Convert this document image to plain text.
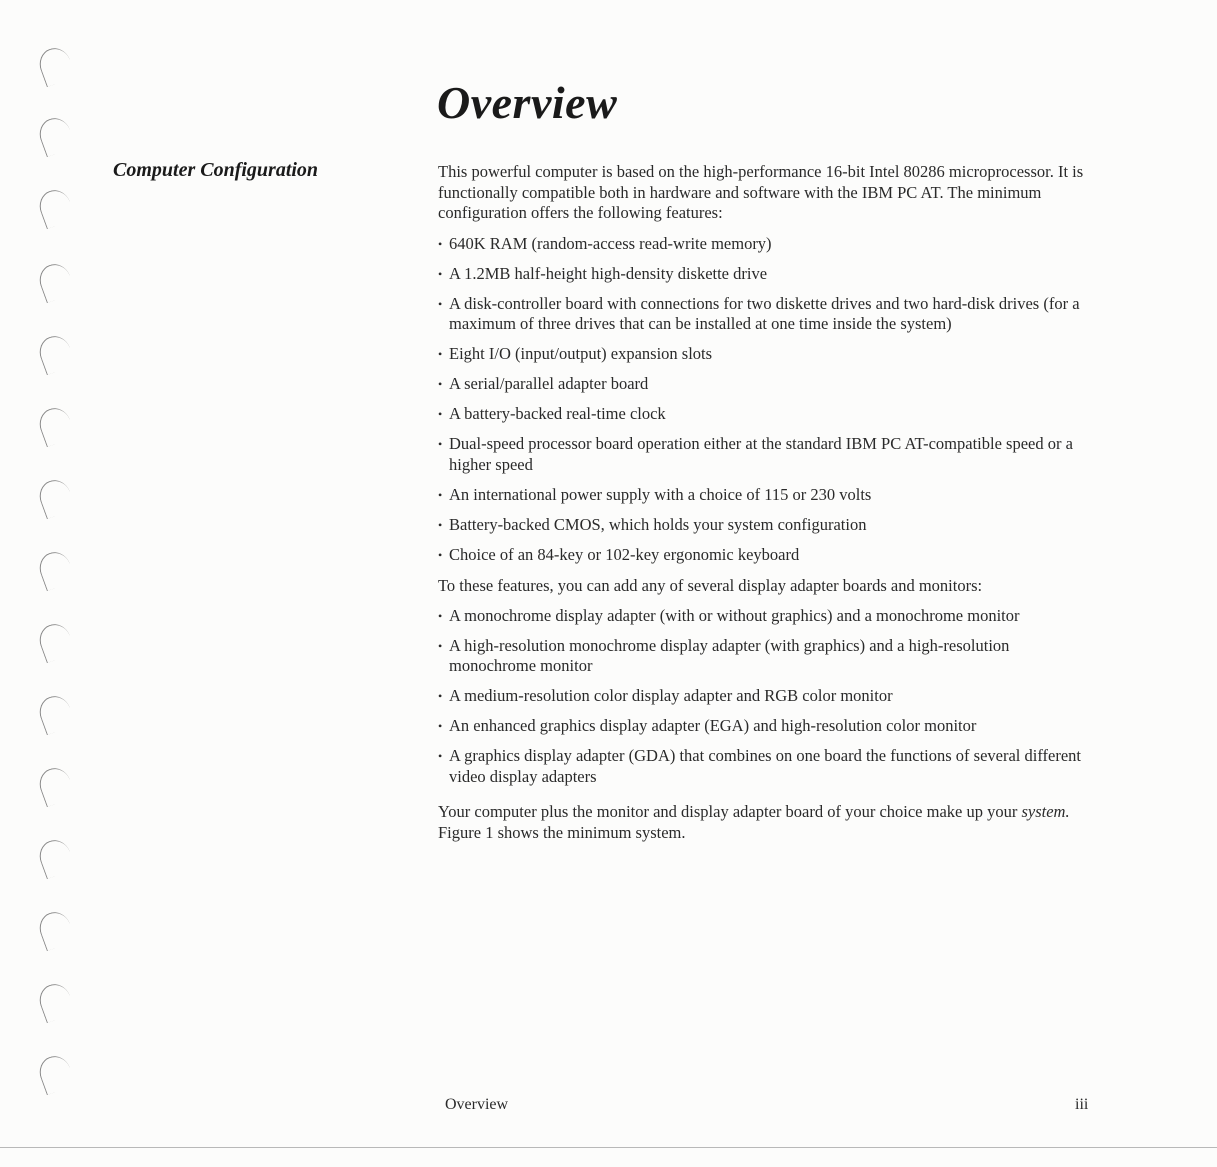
Overview
Computer Configuration	This powerful computer is based on the high-performance 16-bit Intel 80286 microprocessor. It is functionally compatible both in hardware and software with the IBM PC AT. The minimum configuration offers the following features:

• 640K RAM (random-access read-write memory)
• A 1.2MB half-height high-density diskette drive
• A disk-controller board with connections for two diskette drives and two hard-disk drives (for a maximum of three drives that can be installed at one time inside the system)
• Eight I/O (input/output) expansion slots
• A serial/parallel adapter board
• A battery-backed real-time clock
• Dual-speed processor board operation either at the standard IBM PC AT-compatible speed or a higher speed
• An international power supply with a choice of 115 or 230 volts
• Battery-backed CMOS, which holds your system configuration
• Choice of an 84-key or 102-key ergonomic keyboard

To these features, you can add any of several display adapter boards and monitors:

• A monochrome display adapter (with or without graphics) and a monochrome monitor
• A high-resolution monochrome display adapter (with graphics) and a high-resolution monochrome monitor
• A medium-resolution color display adapter and RGB color monitor
• An enhanced graphics display adapter (EGA) and high-resolution color monitor
• A graphics display adapter (GDA) that combines on one board the functions of several different video display adapters

Your computer plus the monitor and display adapter board of your choice make up your system. Figure 1 shows the minimum system.

Overview	iii
